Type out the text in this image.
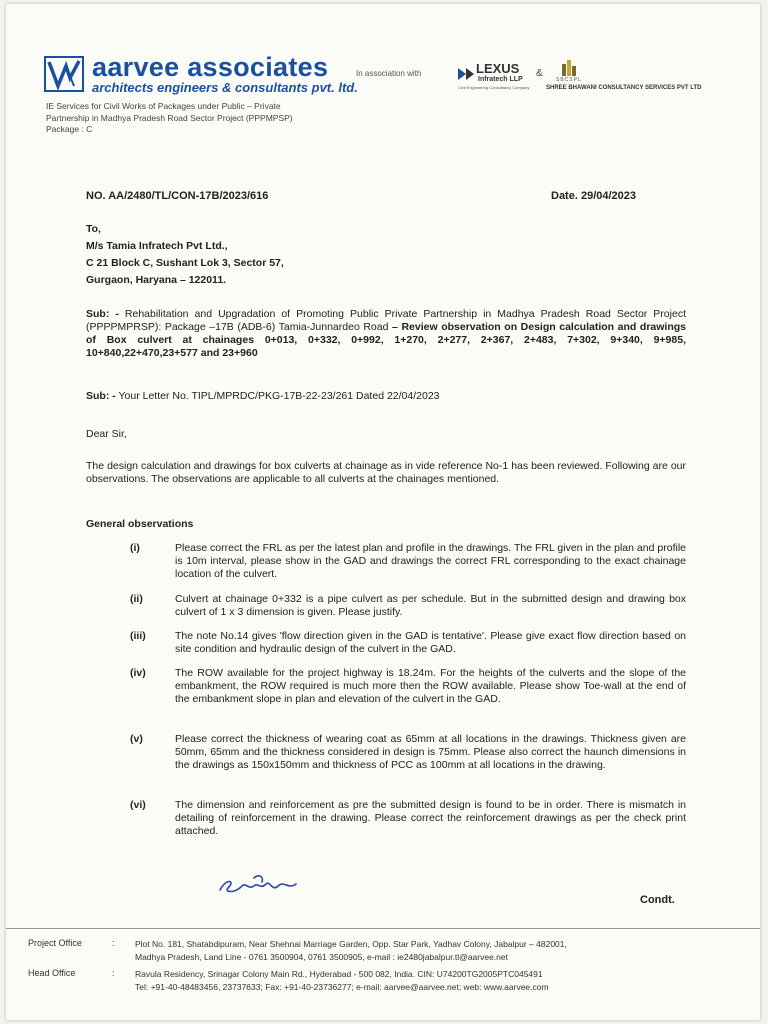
aarvee associates
architects engineers & consultants pvt. ltd.
In association with	LEXUS
Infratech LLP
Civil Engineering Consultancy Company
&
SBCSPL
SHREE BHAWANI CONSULTANCY SERVICES PVT LTD
IE Services for Civil Works of Packages under Public – Private
Partnership in Madhya Pradesh Road Sector Project (PPPMPSP)
Package : C
NO. AA/2480/TL/CON-17B/2023/616	Date. 29/04/2023
To,
M/s Tamia Infratech Pvt Ltd.,
C 21 Block C, Sushant Lok 3, Sector 57,
Gurgaon, Haryana – 122011.
Sub: - Rehabilitation and Upgradation of Promoting Public Private Partnership in Madhya Pradesh Road Sector Project (PPPPMPRSP): Package –17B (ADB-6) Tamia-Junnardeo Road – Review observation on Design calculation and drawings of Box culvert at chainages 0+013, 0+332, 0+992, 1+270, 2+277, 2+367, 2+483, 7+302, 9+340, 9+985, 10+840,22+470,23+577 and 23+960
Sub: - Your Letter No. TIPL/MPRDC/PKG-17B-22-23/261 Dated 22/04/2023
Dear Sir,
The design calculation and drawings for box culverts at chainage as in vide reference No-1 has been reviewed. Following are our observations. The observations are applicable to all culverts at the chainages mentioned.
General observations
(i)	Please correct the FRL as per the latest plan and profile in the drawings. The FRL given in the plan and profile is 10m interval, please show in the GAD and drawings the correct FRL corresponding to the exact chainage location of the culvert.
(ii)	Culvert at chainage 0+332 is a pipe culvert as per schedule. But in the submitted design and drawing box culvert of 1 x 3 dimension is given. Please justify.
(iii)	The note No.14 gives 'flow direction given in the GAD is tentative'. Please give exact flow direction based on site condition and hydraulic design of the culvert in the GAD.
(iv)	The ROW available for the project highway is 18.24m. For the heights of the culverts and the slope of the embankment, the ROW required is much more then the ROW available. Please show Toe-wall at the end of the embankment slope in plan and elevation of the culvert in the GAD.
(v)	Please correct the thickness of wearing coat as 65mm at all locations in the drawings. Thickness given are 50mm, 65mm and the thickness considered in design is 75mm. Please also correct the haunch dimensions in the drawings as 150x150mm and thickness of PCC as 100mm at all locations in the drawing.
(vi)	The dimension and reinforcement as pre the submitted design is found to be in order. There is mismatch in detailing of reinforcement in the drawing. Please correct the reinforcement drawings as per the check print attached.
Condt.
Project Office	: Plot No. 181, Shatabdipuram, Near Shehnai Marriage Garden, Opp. Star Park, Yadhav Colony, Jabalpur – 482001,
Madhya Pradesh, Land Line - 0761 3500904, 0761 3500905, e-mail : ie2480jabalpur.tl@aarvee.net
Head Office	: Ravula Residency, Srinagar Colony Main Rd., Hyderabad - 500 082, India. CIN: U74200TG2005PTC045491
Tel: +91-40-48483456, 23737633; Fax: +91-40-23736277; e-mail: aarvee@aarvee.net; web: www.aarvee.com
